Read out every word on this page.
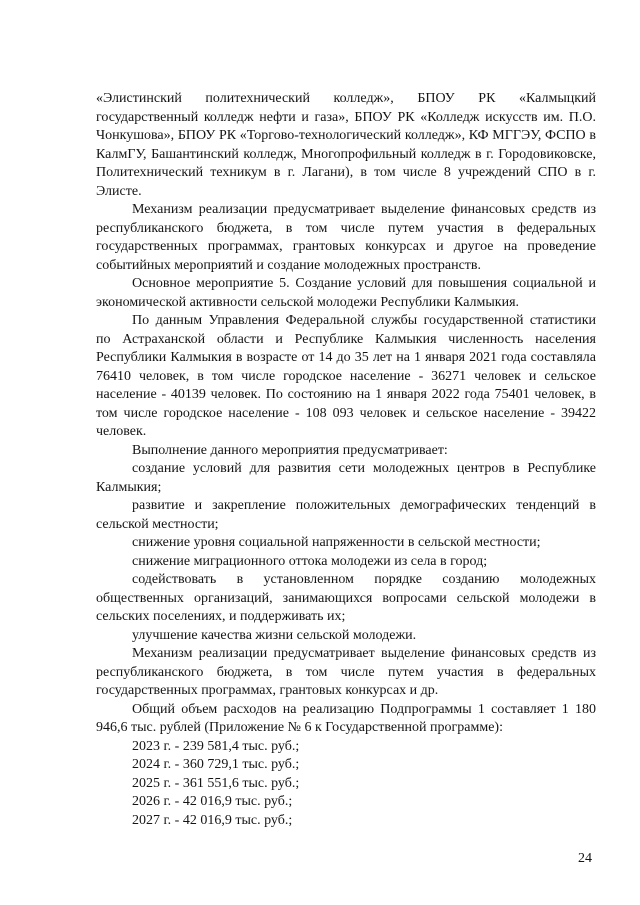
«Элистинский политехнический колледж», БПОУ РК «Калмыцкий государственный колледж нефти и газа», БПОУ РК «Колледж искусств им. П.О. Чонкушова», БПОУ РК «Торгово-технологический колледж», КФ МГГЭУ, ФСПО в КалмГУ, Башантинский колледж, Многопрофильный колледж в г. Городовиковске, Политехнический техникум в г. Лагани), в том числе 8 учреждений СПО в г. Элисте.

Механизм реализации предусматривает выделение финансовых средств из республиканского бюджета, в том числе путем участия в федеральных государственных программах, грантовых конкурсах и другое на проведение событийных мероприятий и создание молодежных пространств.

Основное мероприятие 5. Создание условий для повышения социальной и экономической активности сельской молодежи Республики Калмыкия.

По данным Управления Федеральной службы государственной статистики по Астраханской области и Республике Калмыкия численность населения Республики Калмыкия в возрасте от 14 до 35 лет на 1 января 2021 года составляла 76410 человек, в том числе городское население - 36271 человек и сельское население - 40139 человек. По состоянию на 1 января 2022 года 75401 человек, в том числе городское население - 108 093 человек и сельское население - 39422 человек.

Выполнение данного мероприятия предусматривает:

создание условий для развития сети молодежных центров в Республике Калмыкия;

развитие и закрепление положительных демографических тенденций в сельской местности;

снижение уровня социальной напряженности в сельской местности;

снижение миграционного оттока молодежи из села в город;

содействовать в установленном порядке созданию молодежных общественных организаций, занимающихся вопросами сельской молодежи в сельских поселениях, и поддерживать их;

улучшение качества жизни сельской молодежи.

Механизм реализации предусматривает выделение финансовых средств из республиканского бюджета, в том числе путем участия в федеральных государственных программах, грантовых конкурсах и др.

Общий объем расходов на реализацию Подпрограммы 1 составляет 1 180 946,6 тыс. рублей (Приложение № 6 к Государственной программе):

2023 г. - 239 581,4 тыс. руб.;

2024 г. - 360 729,1 тыс. руб.;

2025 г. - 361 551,6 тыс. руб.;

2026 г. - 42 016,9 тыс. руб.;

2027 г. - 42 016,9 тыс. руб.;

24
